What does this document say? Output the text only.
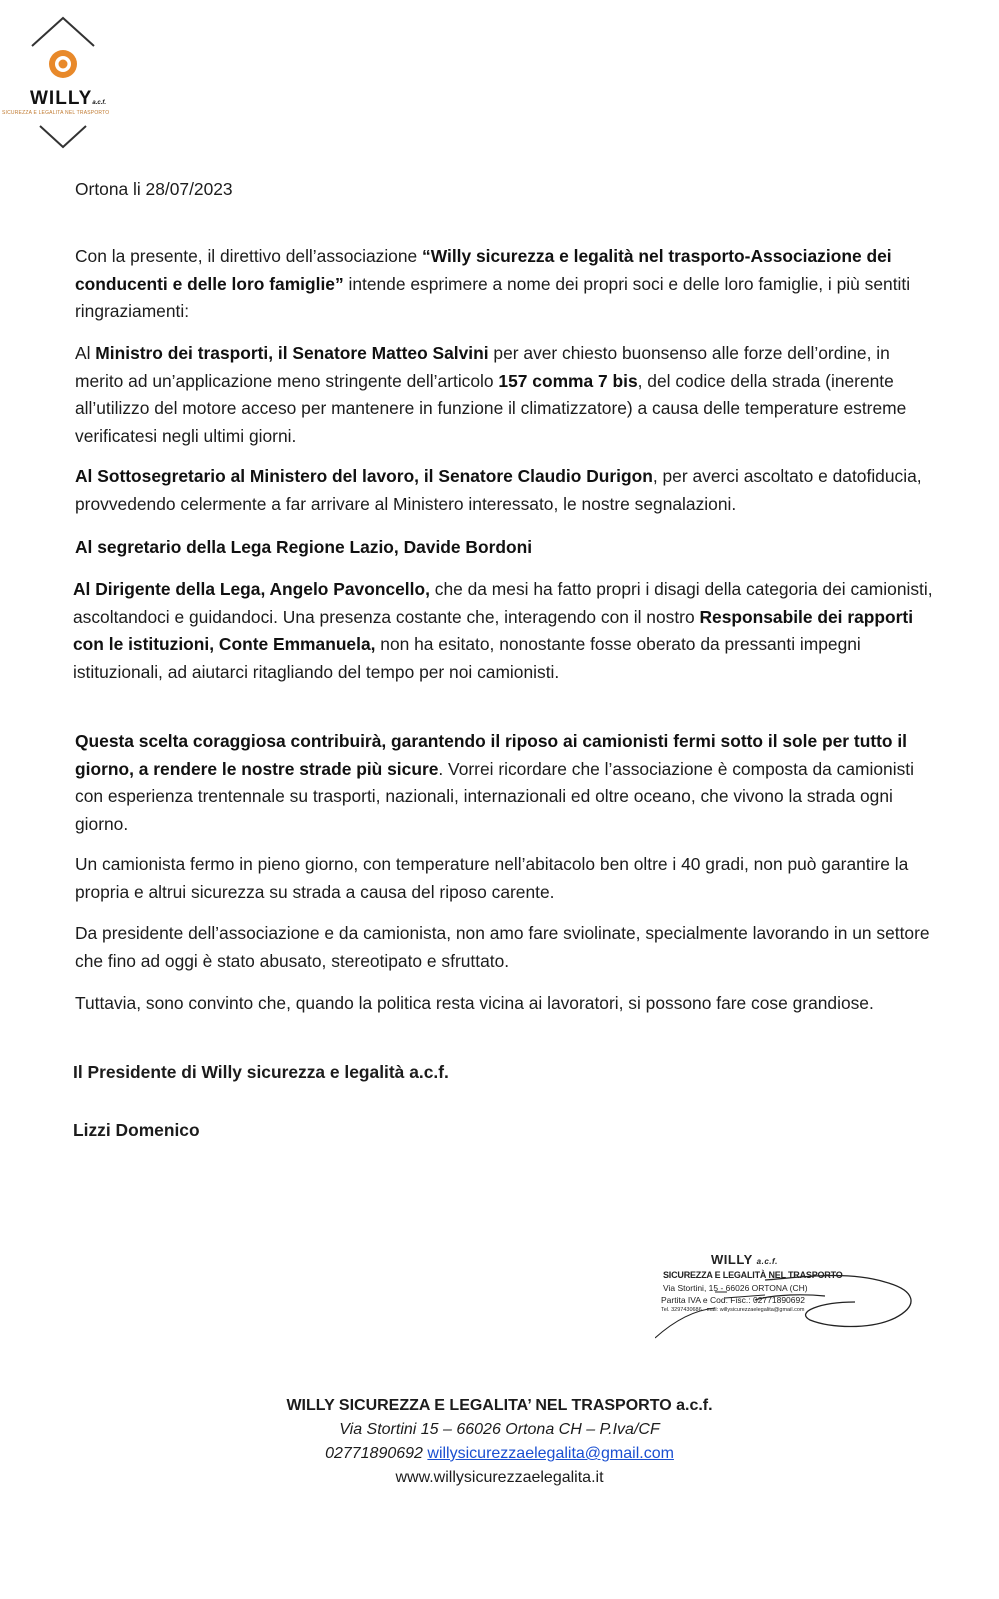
WILLYa.c.f.
SICUREZZA E LEGALITA NEL TRASPORTO
Ortona li 28/07/2023

Con la presente, il direttivo dell’associazione “Willy sicurezza e legalità nel trasporto-Associazione dei conducenti e delle loro famiglie” intende esprimere a nome dei propri soci e delle loro famiglie, i più sentiti ringraziamenti:

Al Ministro dei trasporti, il Senatore Matteo Salvini per aver chiesto buonsenso alle forze dell’ordine, in merito ad un’applicazione meno stringente dell’articolo 157 comma 7 bis, del codice della strada (inerente all’utilizzo del motore acceso per mantenere in funzione il climatizzatore) a causa delle temperature estreme verificatesi negli ultimi giorni.

Al Sottosegretario al Ministero del lavoro, il Senatore Claudio Durigon, per averci ascoltato e datofiducia, provvedendo celermente a far arrivare al Ministero interessato, le nostre segnalazioni.

Al segretario della Lega Regione Lazio, Davide Bordoni

Al Dirigente della Lega, Angelo Pavoncello, che da mesi ha fatto propri i disagi della categoria dei camionisti, ascoltandoci e guidandoci. Una presenza costante che, interagendo con il nostro Responsabile dei rapporti con le istituzioni, Conte Emmanuela, non ha esitato, nonostante fosse oberato da pressanti impegni istituzionali, ad aiutarci ritagliando del tempo per noi camionisti.

Questa scelta coraggiosa contribuirà, garantendo il riposo ai camionisti fermi sotto il sole per tutto il giorno, a rendere le nostre strade più sicure. Vorrei ricordare che l’associazione è composta da camionisti con esperienza trentennale su trasporti, nazionali, internazionali ed oltre oceano, che vivono la strada ogni giorno.

Un camionista fermo in pieno giorno, con temperature nell’abitacolo ben oltre i 40 gradi, non può garantire la propria e altrui sicurezza su strada a causa del riposo carente.
Da presidente dell’associazione e da camionista, non amo fare sviolinate, specialmente lavorando in un settore che fino ad oggi è stato abusato, stereotipato e sfruttato.
Tuttavia, sono convinto che, quando la politica resta vicina ai lavoratori, si possono fare cose grandiose.
Il Presidente di Willy sicurezza e legalità a.c.f.
Lizzi Domenico
WILLY a.c.f.
SICUREZZA E LEGALITÀ NEL TRASPORTO
Via Stortini, 15 - 66026 ORTONA (CH)
Partita IVA e Cod. Fisc.: 02771890692
Tel. 3297430686 - mail: willysicurezzaelegalita@gmail.com
WILLY SICUREZZA E LEGALITA’ NEL TRASPORTO a.c.f.
Via Stortini 15 – 66026 Ortona CH – P.Iva/CF
02771890692 willysicurezzaelegalita@gmail.com
www.willysicurezzaelegalita.it
